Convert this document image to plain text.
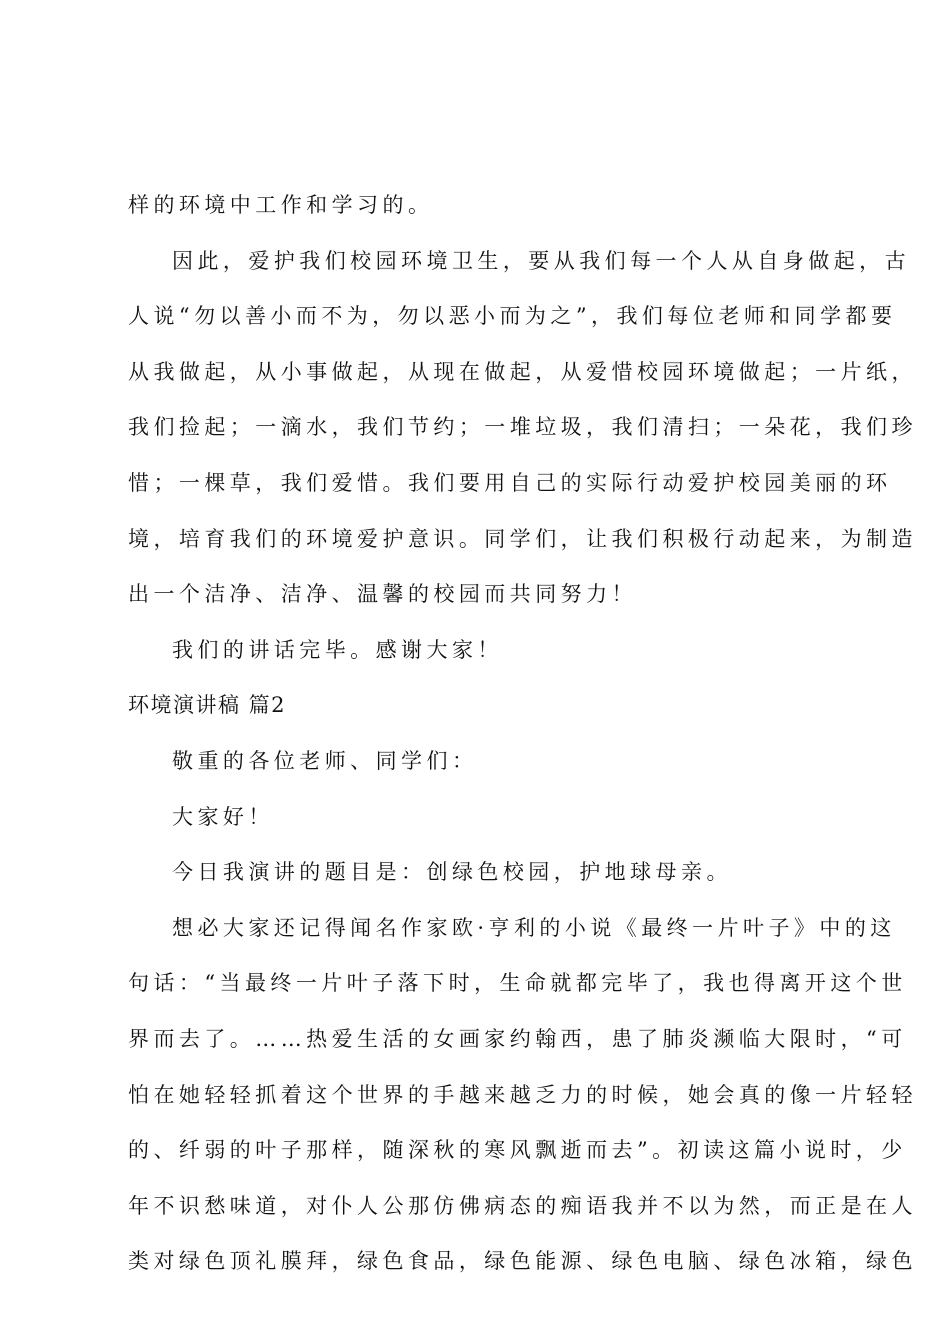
样的环境中工作和学习的。
因此，爱护我们校园环境卫生，要从我们每一个人从自身做起，古
人说“勿以善小而不为，勿以恶小而为之”，我们每位老师和同学都要
从我做起，从小事做起，从现在做起，从爱惜校园环境做起；一片纸，
我们捡起；一滴水，我们节约；一堆垃圾，我们清扫；一朵花，我们珍
惜；一棵草，我们爱惜。我们要用自己的实际行动爱护校园美丽的环
境，培育我们的环境爱护意识。同学们，让我们积极行动起来，为制造
出一个洁净、洁净、温馨的校园而共同努力！
我们的讲话完毕。感谢大家！
环境演讲稿 篇2
敬重的各位老师、同学们：
大家好！
今日我演讲的题目是：创绿色校园，护地球母亲。
想必大家还记得闻名作家欧·亨利的小说《最终一片叶子》中的这
句话：“当最终一片叶子落下时，生命就都完毕了，我也得离开这个世
界而去了。……热爱生活的女画家约翰西，患了肺炎濒临大限时，“可
怕在她轻轻抓着这个世界的手越来越乏力的时候，她会真的像一片轻轻
的、纤弱的叶子那样，随深秋的寒风飘逝而去”。初读这篇小说时，少
年不识愁味道，对仆人公那仿佛病态的痴语我并不以为然，而正是在人
类对绿色顶礼膜拜，绿色食品，绿色能源、绿色电脑、绿色冰箱，绿色
